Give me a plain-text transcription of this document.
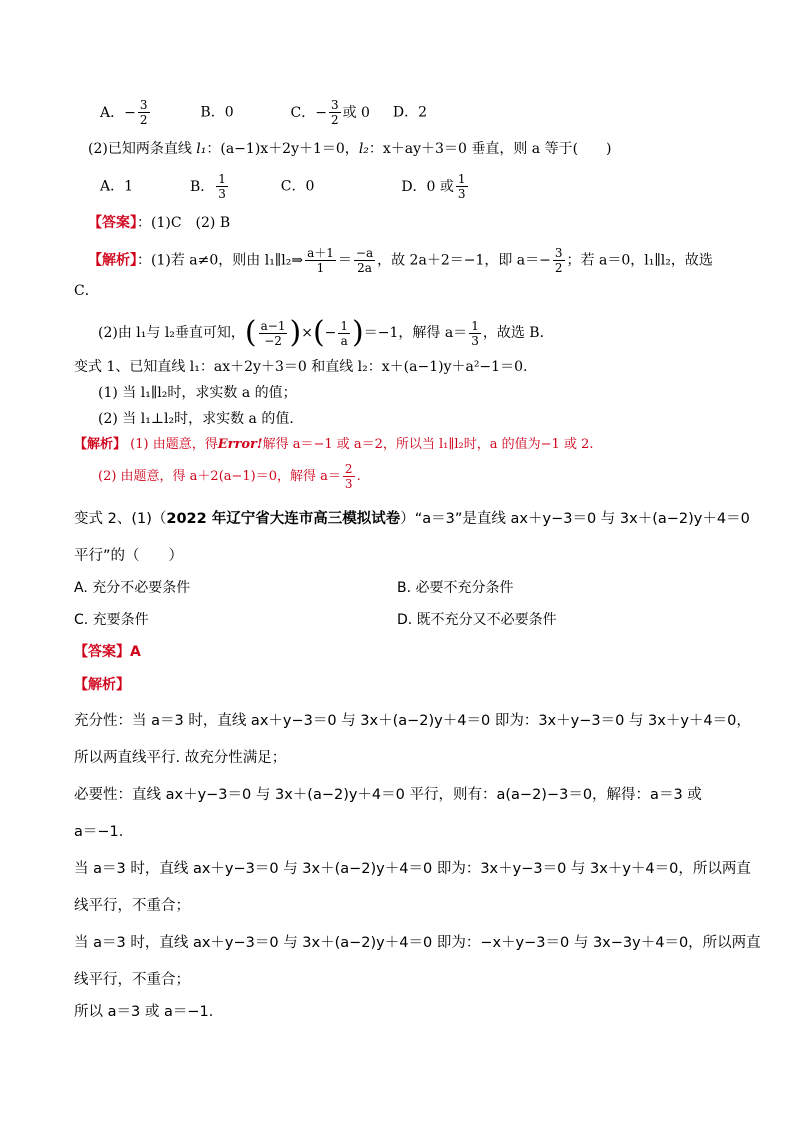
A．− $\frac{3}{2}$	B．0	C．− $\frac{3}{2}$ 或 0 D．2
(2)已知两条直线 l₁：(a−1)x＋2y＋1＝0，l₂：x＋ay＋3＝0 垂直，则 a 等于(　　)
A．1	B． $\frac{1}{3}$	C．0	D．0 或 $\frac{1}{3}$
【答案】：(1)C　(2) B
【解析】：(1)若 a≠0，则由 l₁∥l₂⇒ $\frac{a+1}{1} = \frac{-a}{2a}$ ，故 2a＋2＝−1，即 $a=- \frac{3}{2}$ ；若 a＝0，l₁∥l₂，故选
C．
(2)由 l₁与 l₂垂直可知，( $\frac{a-1}{-2}$ )×(− $\frac{1}{a} )=-1$，解得 $a= \frac{1}{3}$ ，故选 B．
变式 1、已知直线 l₁：ax＋2y＋3＝0 和直线 l₂：x＋(a−1)y＋a²−1＝0.
(1) 当 l₁∥l₂时，求实数 a 的值；
(2) 当 l₁⊥l₂时，求实数 a 的值．
【解析】 (1) 由题意，得Error!解得 a＝−1 或 a＝2，所以当 l₁∥l₂时，a 的值为−1 或 2.
(2) 由题意，得 a＋2(a−1)＝0，解得 $a= \frac{2}{3}$ .
变式 2、(1)（2022 年辽宁省大连市高三模拟试卷）“a＝3”是直线 ax＋y−3＝0 与 3x＋(a−2)y＋4＝0
平行”的（　　）
A. 充分不必要条件	B. 必要不充分条件
C. 充要条件	D. 既不充分又不必要条件
【答案】A
【解析】
充分性：当 a＝3 时，直线 ax＋y−3＝0 与 3x＋(a−2)y＋4＝0 即为：3x＋y−3＝0 与 3x＋y＋4＝0，
所以两直线平行. 故充分性满足；
必要性：直线 ax＋y−3＝0 与 3x＋(a−2)y＋4＝0 平行，则有：a(a−2)−3＝0，解得：a＝3 或
a＝−1．
当 a＝3 时，直线 ax＋y−3＝0 与 3x＋(a−2)y＋4＝0 即为：3x＋y−3＝0 与 3x＋y＋4＝0，所以两直
线平行，不重合；
当 a＝3 时，直线 ax＋y−3＝0 与 3x＋(a−2)y＋4＝0 即为：−x＋y−3＝0 与 3x−3y＋4＝0，所以两直
线平行，不重合；
所以 a＝3 或 a＝−1．
